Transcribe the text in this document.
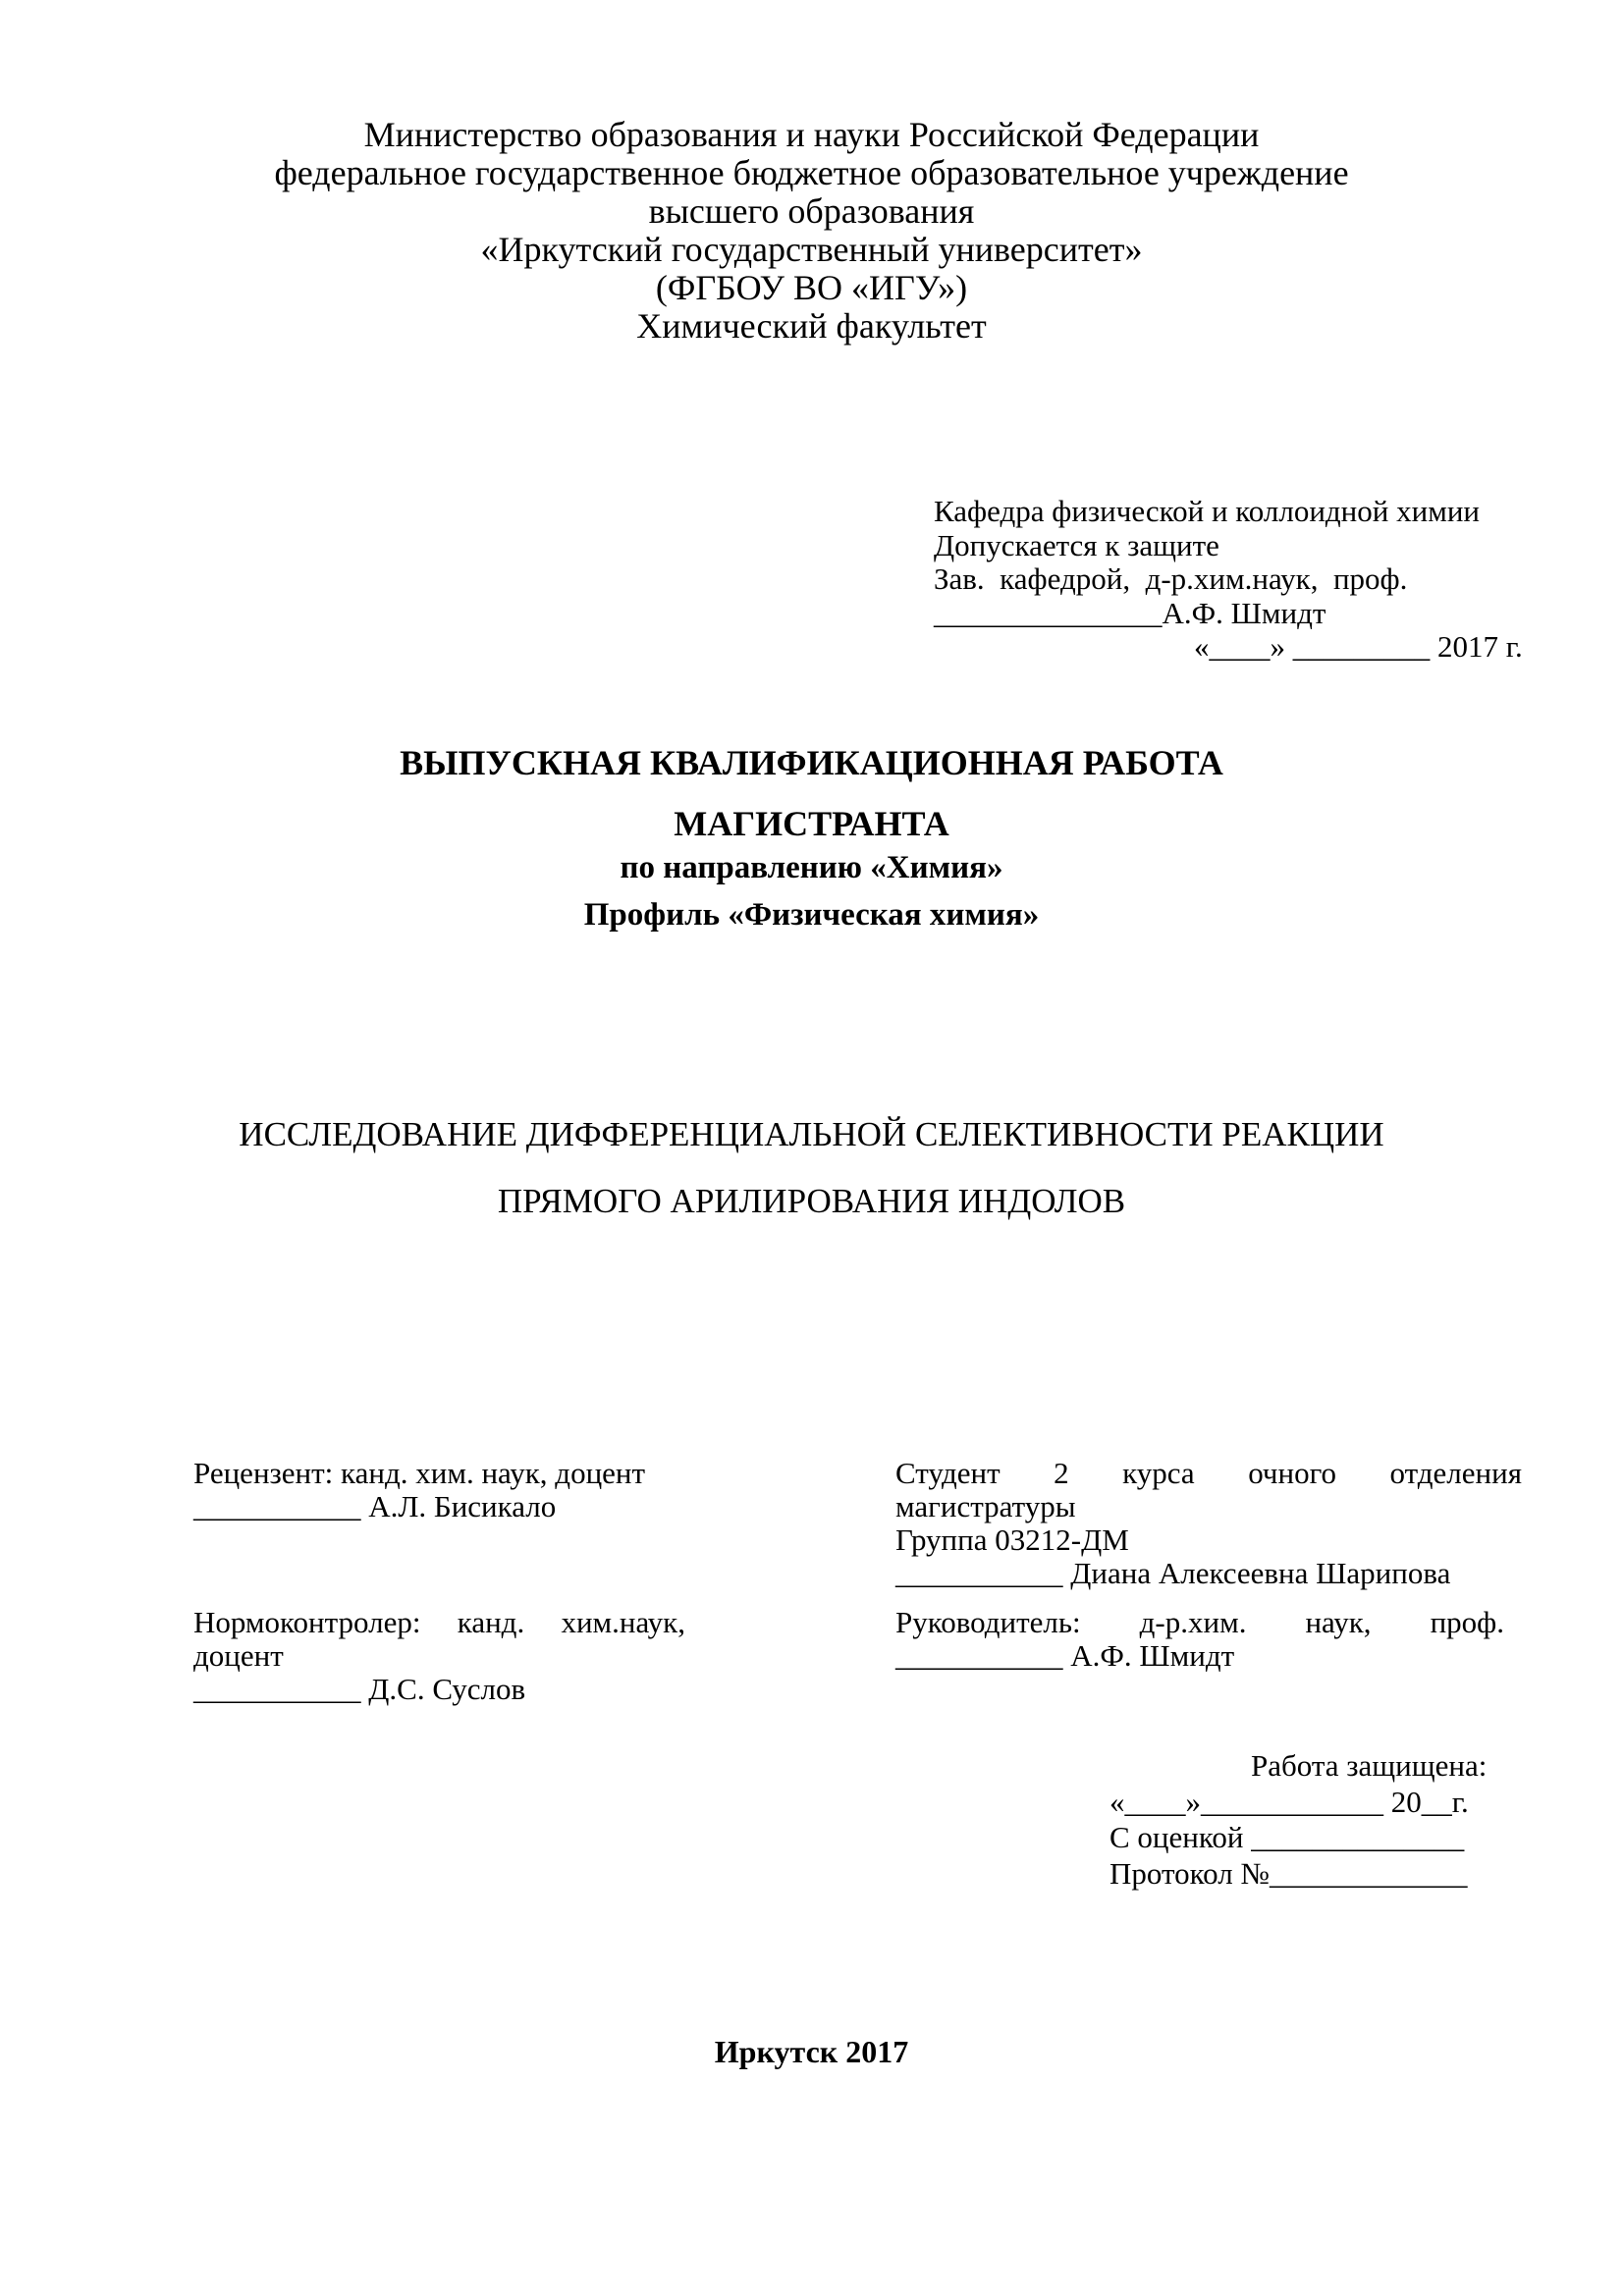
Министерство образования и науки Российской Федерации
федеральное государственное бюджетное образовательное учреждение
высшего образования
«Иркутский государственный университет»
(ФГБОУ ВО «ИГУ»)
Химический факультет
Кафедра физической и коллоидной химии
Допускается к защите
Зав.  кафедрой,  д-р.хим.наук,  проф.
_______________А.Ф. Шмидт
«____» _________ 2017 г.
ВЫПУСКНАЯ КВАЛИФИКАЦИОННАЯ РАБОТА
МАГИСТРАНТА
по направлению «Химия»
Профиль «Физическая химия»
ИССЛЕДОВАНИЕ ДИФФЕРЕНЦИАЛЬНОЙ СЕЛЕКТИВНОСТИ РЕАКЦИИ
ПРЯМОГО АРИЛИРОВАНИЯ ИНДОЛОВ
Рецензент: канд. хим. наук, доцент
___________ А.Л. Бисикало
Нормоконтролер: канд. хим.наук,
доцент
___________ Д.С. Суслов
Студент 2 курса очного отделения
магистратуры
Группа 03212-ДМ
___________ Диана Алексеевна Шарипова
Руководитель: д-р.хим. наук, проф.
___________ А.Ф. Шмидт
Работа защищена:
«____»____________ 20__г.
С оценкой ______________
Протокол №_____________
Иркутск 2017
